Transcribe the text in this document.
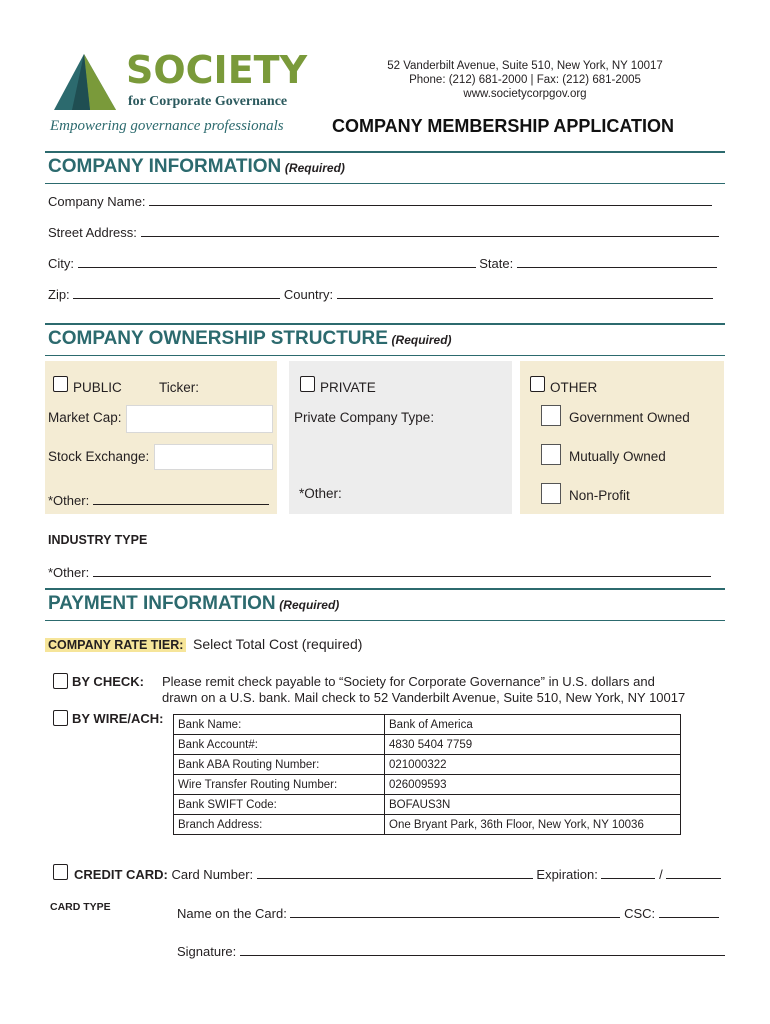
SOCIETY
for Corporate Governance
Empowering governance professionals
52 Vanderbilt Avenue, Suite 510, New York, NY 10017
Phone: (212) 681-2000 | Fax: (212) 681-2005
www.societycorpgov.org
COMPANY MEMBERSHIP APPLICATION
COMPANY INFORMATION (Required)
Company Name:
Street Address:
City:	State:
Zip:	Country:
COMPANY OWNERSHIP STRUCTURE (Required)
PUBLIC	Ticker:
Market Cap:
Stock Exchange:
*Other:
PRIVATE
Private Company Type:
*Other:
OTHER
Government Owned
Mutually Owned
Non-Profit
INDUSTRY TYPE
*Other:
PAYMENT INFORMATION (Required)
COMPANY RATE TIER: Select Total Cost (required)
BY CHECK: Please remit check payable to “Society for Corporate Governance” in U.S. dollars and
drawn on a U.S. bank. Mail check to 52 Vanderbilt Avenue, Suite 510, New York, NY 10017
BY WIRE/ACH: Bank Name:	Bank of America
Bank Account#:	4830 5404 7759
Bank ABA Routing Number:	021000322
Wire Transfer Routing Number:	026009593
Bank SWIFT Code:	BOFAUS3N
Branch Address:	One Bryant Park, 36th Floor, New York, NY 10036
CREDIT CARD: Card Number:	Expiration:	/
CARD TYPE	Name on the Card:	CSC:
Signature:
